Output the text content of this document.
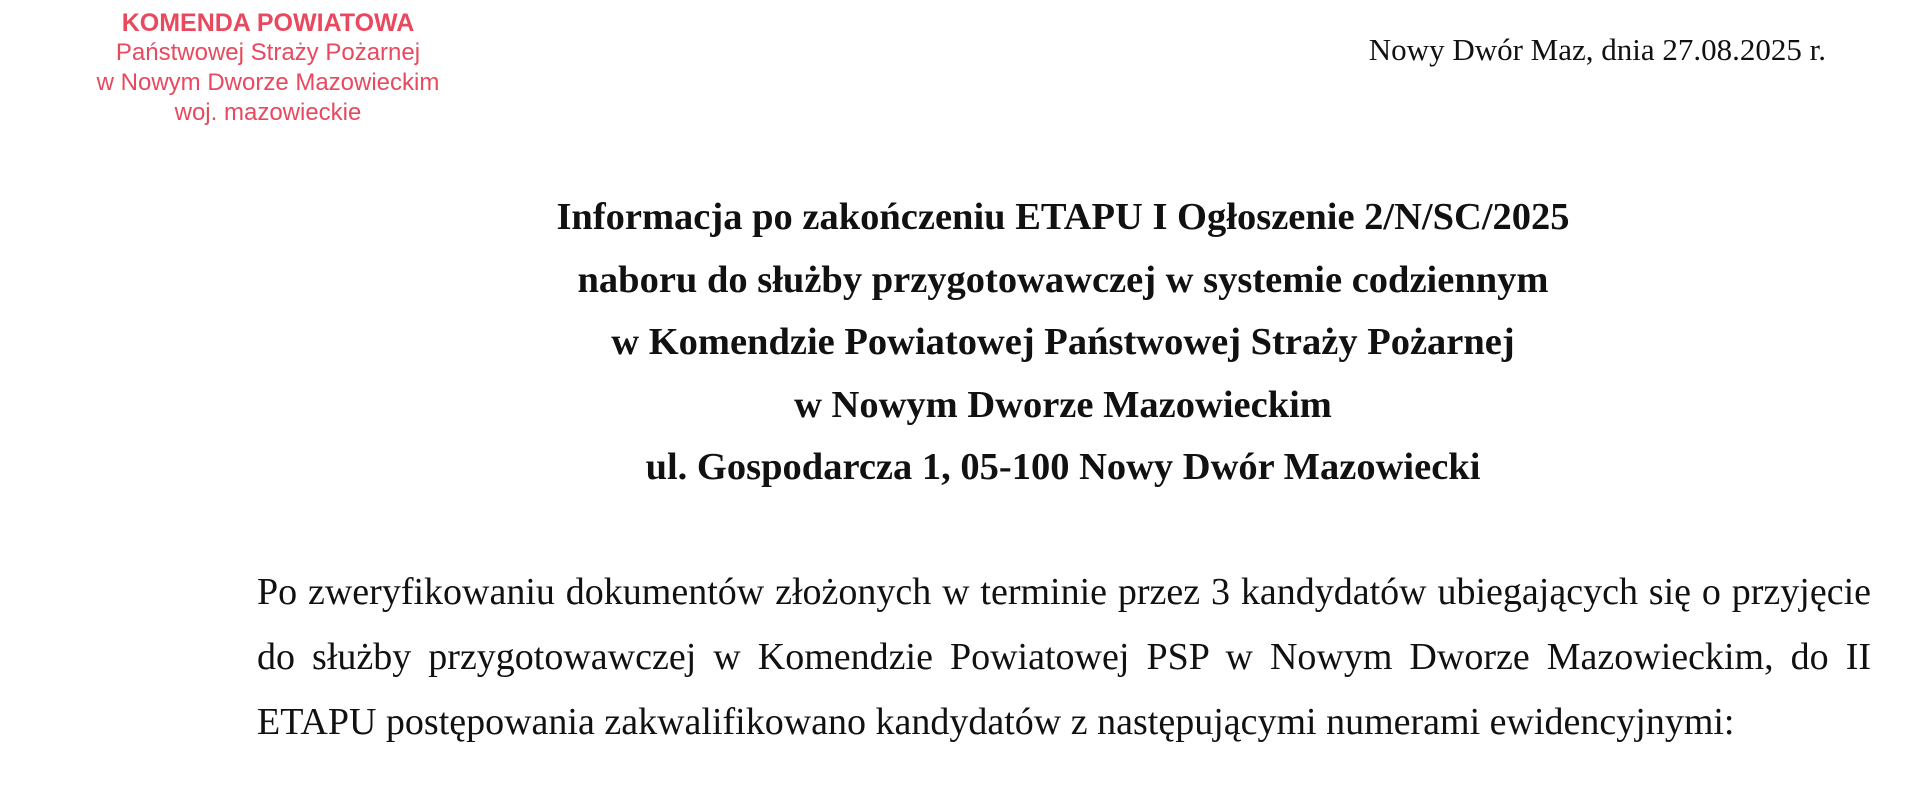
KOMENDA POWIATOWA
Państwowej Straży Pożarnej
w Nowym Dworze Mazowieckim
woj. mazowieckie
Nowy Dwór Maz, dnia 27.08.2025 r.
Informacja po zakończeniu ETAPU I Ogłoszenie 2/N/SC/2025
naboru do służby przygotowawczej w systemie codziennym
w Komendzie Powiatowej Państwowej Straży Pożarnej
w Nowym Dworze Mazowieckim
ul. Gospodarcza 1, 05-100 Nowy Dwór Mazowiecki
Po zweryfikowaniu dokumentów złożonych w terminie przez 3 kandydatów ubiegających się o przyjęcie do służby przygotowawczej w Komendzie Powiatowej PSP w Nowym Dworze Mazowieckim, do II ETAPU postępowania zakwalifikowano kandydatów z następującymi numerami ewidencyjnymi:
